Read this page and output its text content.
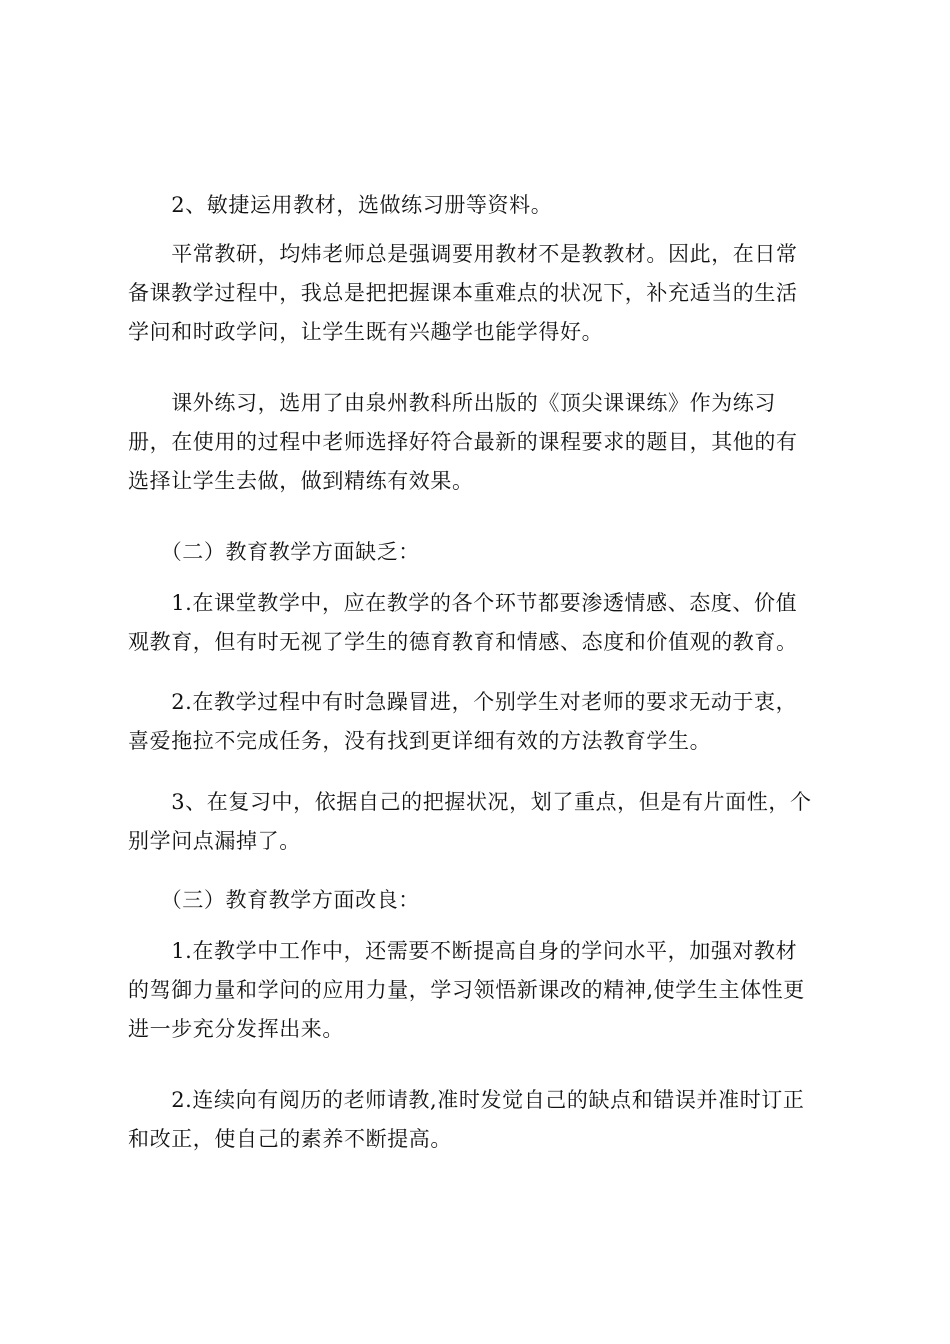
　　2、敏捷运用教材，选做练习册等资料。
　　平常教研，均炜老师总是强调要用教材不是教教材。因此，在日常
备课教学过程中，我总是把把握课本重难点的状况下，补充适当的生活
学问和时政学问，让学生既有兴趣学也能学得好。
　　课外练习，选用了由泉州教科所出版的《顶尖课课练》作为练习
册，在使用的过程中老师选择好符合最新的课程要求的题目，其他的有
选择让学生去做，做到精练有效果。
　　（二）教育教学方面缺乏：
　　1.在课堂教学中，应在教学的各个环节都要渗透情感、态度、价值
观教育，但有时无视了学生的德育教育和情感、态度和价值观的教育。
　　2.在教学过程中有时急躁冒进，个别学生对老师的要求无动于衷，
喜爱拖拉不完成任务，没有找到更详细有效的方法教育学生。
　　3、在复习中，依据自己的把握状况，划了重点，但是有片面性，个
别学问点漏掉了。
　　（三）教育教学方面改良：
　　1.在教学中工作中，还需要不断提高自身的学问水平，加强对教材
的驾御力量和学问的应用力量，学习领悟新课改的精神,使学生主体性更
进一步充分发挥出来。
　　2.连续向有阅历的老师请教,准时发觉自己的缺点和错误并准时订正
和改正，使自己的素养不断提高。
